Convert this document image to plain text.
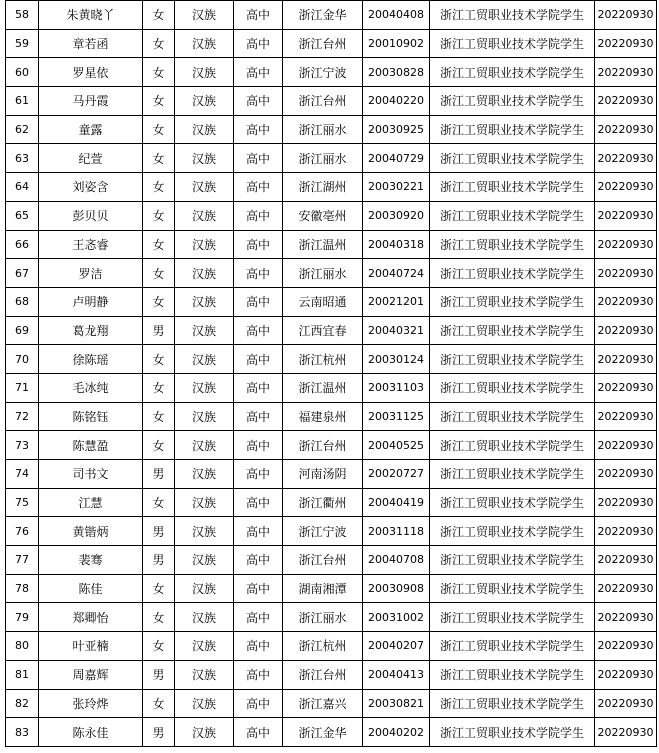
58	朱黄晓丫	女	汉族	高中	浙江金华	20040408	浙江工贸职业技术学院学生	20220930
59	章若函	女	汉族	高中	浙江台州	20010902	浙江工贸职业技术学院学生	20220930
60	罗星依	女	汉族	高中	浙江宁波	20030828	浙江工贸职业技术学院学生	20220930
61	马丹霞	女	汉族	高中	浙江台州	20040220	浙江工贸职业技术学院学生	20220930
62	童露	女	汉族	高中	浙江丽水	20030925	浙江工贸职业技术学院学生	20220930
63	纪萱	女	汉族	高中	浙江丽水	20040729	浙江工贸职业技术学院学生	20220930
64	刘姿含	女	汉族	高中	浙江湖州	20030221	浙江工贸职业技术学院学生	20220930
65	彭贝贝	女	汉族	高中	安徽亳州	20030920	浙江工贸职业技术学院学生	20220930
66	王忞睿	女	汉族	高中	浙江温州	20040318	浙江工贸职业技术学院学生	20220930
67	罗洁	女	汉族	高中	浙江丽水	20040724	浙江工贸职业技术学院学生	20220930
68	卢明静	女	汉族	高中	云南昭通	20021201	浙江工贸职业技术学院学生	20220930
69	葛龙翔	男	汉族	高中	江西宜春	20040321	浙江工贸职业技术学院学生	20220930
70	徐陈瑶	女	汉族	高中	浙江杭州	20030124	浙江工贸职业技术学院学生	20220930
71	毛冰纯	女	汉族	高中	浙江温州	20031103	浙江工贸职业技术学院学生	20220930
72	陈铭钰	女	汉族	高中	福建泉州	20031125	浙江工贸职业技术学院学生	20220930
73	陈慧盈	女	汉族	高中	浙江台州	20040525	浙江工贸职业技术学院学生	20220930
74	司书文	男	汉族	高中	河南汤阴	20020727	浙江工贸职业技术学院学生	20220930
75	江慧	女	汉族	高中	浙江衢州	20040419	浙江工贸职业技术学院学生	20220930
76	黄锴炳	男	汉族	高中	浙江宁波	20031118	浙江工贸职业技术学院学生	20220930
77	裴骞	男	汉族	高中	浙江台州	20040708	浙江工贸职业技术学院学生	20220930
78	陈佳	女	汉族	高中	湖南湘潭	20030908	浙江工贸职业技术学院学生	20220930
79	郑卿怡	女	汉族	高中	浙江丽水	20031002	浙江工贸职业技术学院学生	20220930
80	叶亚楠	女	汉族	高中	浙江杭州	20040207	浙江工贸职业技术学院学生	20220930
81	周嘉辉	男	汉族	高中	浙江台州	20040413	浙江工贸职业技术学院学生	20220930
82	张玲烨	女	汉族	高中	浙江嘉兴	20030821	浙江工贸职业技术学院学生	20220930
83	陈永佳	男	汉族	高中	浙江金华	20040202	浙江工贸职业技术学院学生	20220930
